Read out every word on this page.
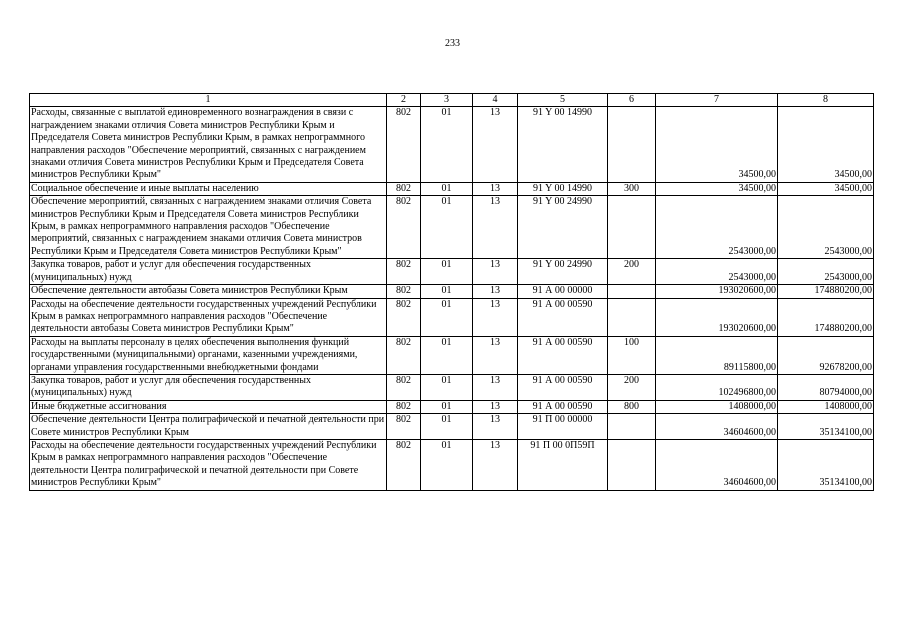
233
1	2	3	4	5	6	7	8
Расходы, связанные с выплатой единовременного вознаграждения в связи с награждением знаками отличия Совета министров Республики Крым и Председателя Совета министров Республики Крым, в рамках непрограммного направления расходов "Обеспечение мероприятий, связанных с награждением знаками отличия Совета министров Республики Крым и Председателя Совета министров Республики Крым"	802	01	13	91 Y 00 14990		34500,00	34500,00
Социальное обеспечение и иные выплаты населению	802	01	13	91 Y 00 14990	300	34500,00	34500,00
Обеспечение мероприятий, связанных с награждением знаками отличия Совета министров Республики Крым и Председателя Совета министров Республики Крым, в рамках непрограммного направления расходов "Обеспечение мероприятий, связанных с награждением знаками отличия Совета министров Республики Крым и Председателя Совета министров Республики Крым"	802	01	13	91 Y 00 24990		2543000,00	2543000,00
Закупка товаров, работ и услуг для обеспечения государственных (муниципальных) нужд	802	01	13	91 Y 00 24990	200	2543000,00	2543000,00
Обеспечение деятельности автобазы Совета министров Республики Крым	802	01	13	91 А 00 00000		193020600,00	174880200,00
Расходы на обеспечение деятельности государственных учреждений Республики Крым в рамках непрограммного направления расходов "Обеспечение деятельности автобазы Совета министров Республики Крым"	802	01	13	91 А 00 00590		193020600,00	174880200,00
Расходы на выплаты персоналу в целях обеспечения выполнения функций государственными (муниципальными) органами, казенными учреждениями, органами управления государственными внебюджетными фондами	802	01	13	91 А 00 00590	100	89115800,00	92678200,00
Закупка товаров, работ и услуг для обеспечения государственных (муниципальных) нужд	802	01	13	91 А 00 00590	200	102496800,00	80794000,00
Иные бюджетные ассигнования	802	01	13	91 А 00 00590	800	1408000,00	1408000,00
Обеспечение деятельности Центра полиграфической и печатной деятельности при Совете министров Республики Крым	802	01	13	91 П 00 00000		34604600,00	35134100,00
Расходы на обеспечение деятельности государственных учреждений Республики Крым в рамках непрограммного направления расходов "Обеспечение деятельности Центра полиграфической и печатной деятельности при Совете министров Республики Крым"	802	01	13	91 П 00 0П59П		34604600,00	35134100,00
